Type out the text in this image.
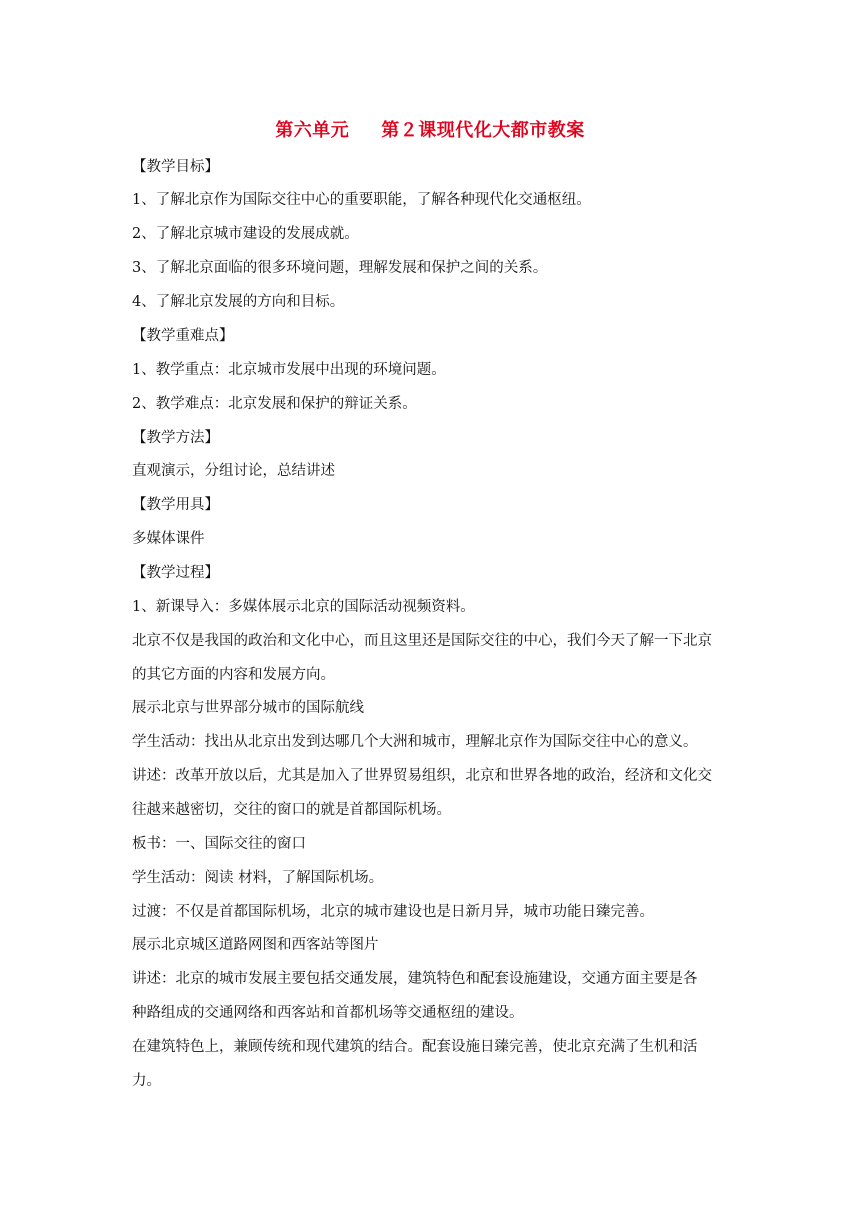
第六单元 第２课现代化大都市教案
【教学目标】
1、了解北京作为国际交往中心的重要职能，了解各种现代化交通枢纽。
2、了解北京城市建设的发展成就。
3、了解北京面临的很多环境问题，理解发展和保护之间的关系。
4、了解北京发展的方向和目标。
【教学重难点】
1、教学重点：北京城市发展中出现的环境问题。
2、教学难点：北京发展和保护的辩证关系。
【教学方法】
直观演示，分组讨论，总结讲述
【教学用具】
多媒体课件
【教学过程】
1、新课导入：多媒体展示北京的国际活动视频资料。
北京不仅是我国的政治和文化中心，而且这里还是国际交往的中心，我们今天了解一下北京
的其它方面的内容和发展方向。
展示北京与世界部分城市的国际航线
学生活动：找出从北京出发到达哪几个大洲和城市，理解北京作为国际交往中心的意义。
讲述：改革开放以后，尤其是加入了世界贸易组织，北京和世界各地的政治，经济和文化交
往越来越密切，交往的窗口的就是首都国际机场。
板书：一、国际交往的窗口
学生活动：阅读 材料，了解国际机场。
过渡：不仅是首都国际机场，北京的城市建设也是日新月异，城市功能日臻完善。
展示北京城区道路网图和西客站等图片
讲述：北京的城市发展主要包括交通发展，建筑特色和配套设施建设，交通方面主要是各
种路组成的交通网络和西客站和首都机场等交通枢纽的建设。
在建筑特色上，兼顾传统和现代建筑的结合。配套设施日臻完善，使北京充满了生机和活
力。
